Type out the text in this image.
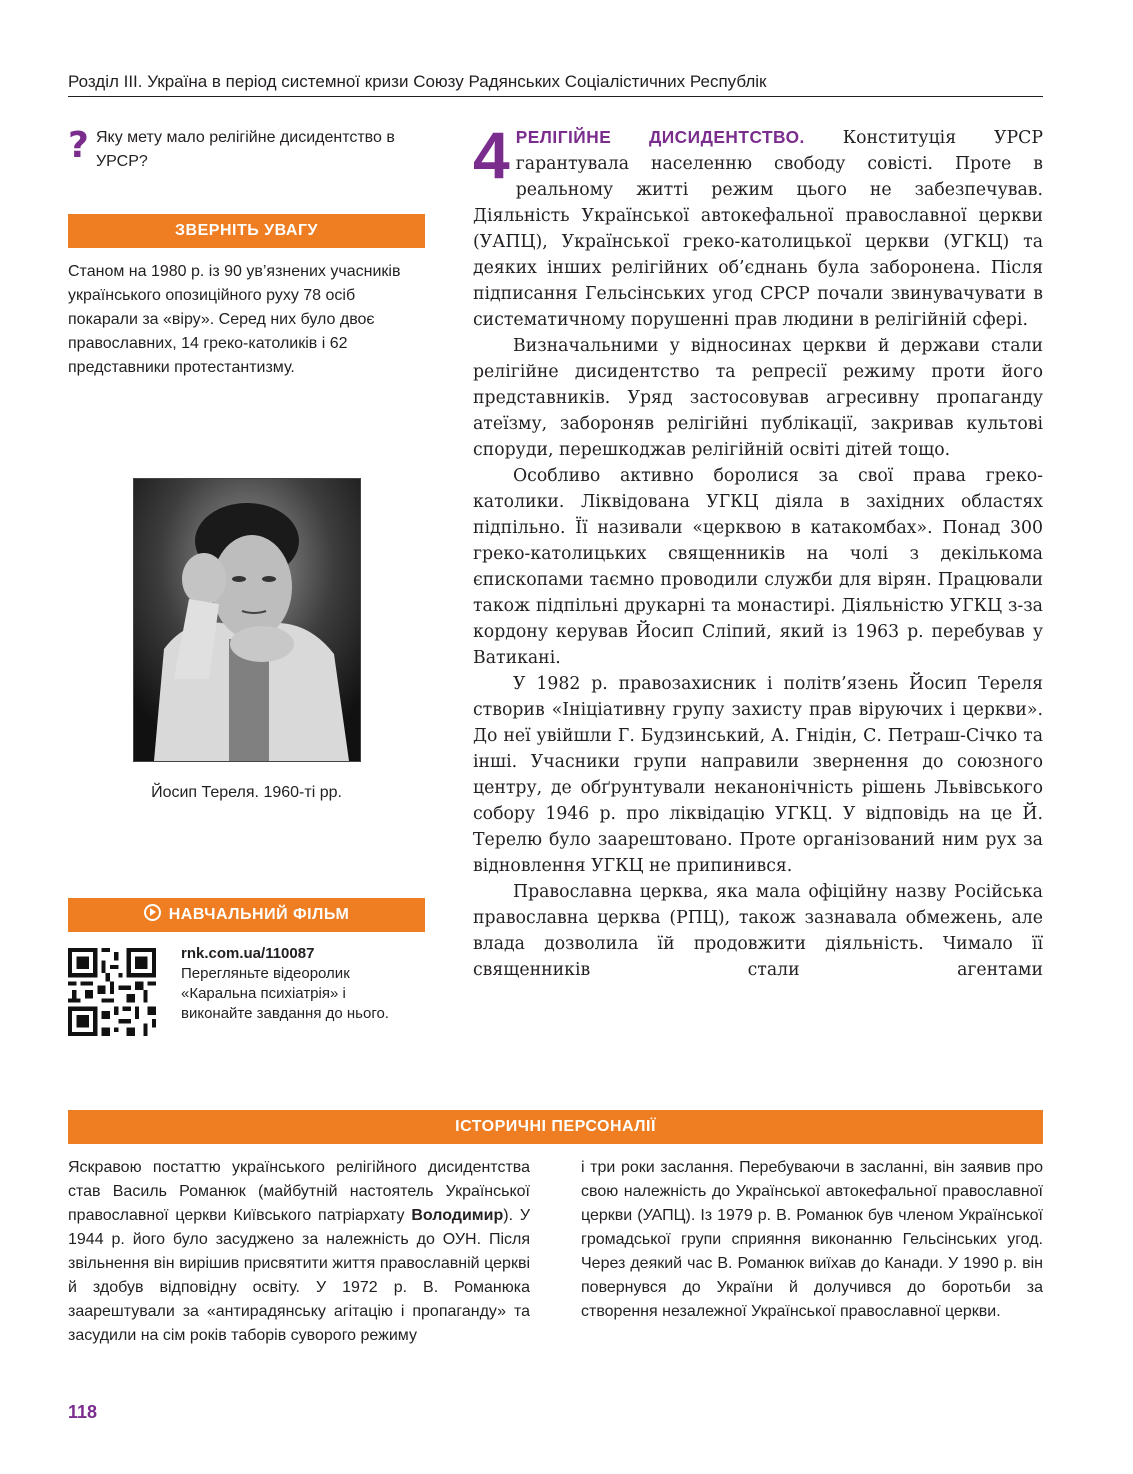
Розділ III. Україна в період системної кризи Союзу Радянських Соціалістичних Республік
? Яку мету мало релігійне дисидентство в УРСР?
ЗВЕРНІТЬ УВАГУ
Станом на 1980 р. із 90 ув’язнених учасників українського опозиційного руху 78 осіб покарали за «віру». Серед них було двоє православних, 14 греко-католиків і 62 представники протестантизму.
Йосип Тереля. 1960-ті рр.
НАВЧАЛЬНИЙ ФІЛЬМ
rnk.com.ua/110087
Перегляньте відеоролик «Каральна психіатрія» і виконайте завдання до нього.

4 РЕЛІГІЙНЕ ДИСИДЕНТСТВО. Конституція УРСР гарантувала населенню свободу совісті. Проте в реальному житті режим цього не забезпечував. Діяльність Української автокефальної православної церкви (УАПЦ), Української греко-католицької церкви (УГКЦ) та деяких інших релігійних об’єднань була заборонена. Після підписання Гельсінських угод СРСР почали звинувачувати в систематичному порушенні прав людини в релігійній сфері.

Визначальними у відносинах церкви й держави стали релігійне дисидентство та репресії режиму проти його представників. Уряд застосовував агресивну пропаганду атеїзму, забороняв релігійні публікації, закривав культові споруди, перешкоджав релігійній освіті дітей тощо.

Особливо активно боролися за свої права греко-католики. Ліквідована УГКЦ діяла в західних областях підпільно. Її називали «церквою в катакомбах». Понад 300 греко-католицьких священників на чолі з декількома єпископами таємно проводили служби для вірян. Працювали також підпільні друкарні та монастирі. Діяльністю УГКЦ з-за кордону керував Йосип Сліпий, який із 1963 р. перебував у Ватикані.

У 1982 р. правозахисник і політв’язень Йосип Тереля створив «Ініціативну групу захисту прав віруючих і церкви». До неї увійшли Г. Будзинський, А. Гнідін, С. Петраш-Січко та інші. Учасники групи направили звернення до союзного центру, де обґрунтували неканонічність рішень Львівського собору 1946 р. про ліквідацію УГКЦ. У відповідь на це Й. Терелю було заарештовано. Проте організований ним рух за відновлення УГКЦ не припинився.

Православна церква, яка мала офіційну назву Російська православна церква (РПЦ), також зазнавала обмежень, але влада дозволила їй продовжити діяльність. Чимало її священників стали агентами

ІСТОРИЧНІ ПЕРСОНАЛІЇ
Яскравою постаттю українського релігійного дисидентства став Василь Романюк (майбутній настоятель Української православної церкви Київського патріархату Володимир). У 1944 р. його було засуджено за належність до ОУН. Після звільнення він вирішив присвятити життя православній церкві й здобув відповідну освіту. У 1972 р. В. Романюка заарештували за «антирадянську агітацію і пропаганду» та засудили на сім років таборів суворого режиму
і три роки заслання. Перебуваючи в засланні, він заявив про свою належність до Української автокефальної православної церкви (УАПЦ). Із 1979 р. В. Романюк був членом Української громадської групи сприяння виконанню Гельсінських угод. Через деякий час В. Романюк виїхав до Канади. У 1990 р. він повернувся до України й долучився до боротьби за створення незалежної Української православної церкви.
118
